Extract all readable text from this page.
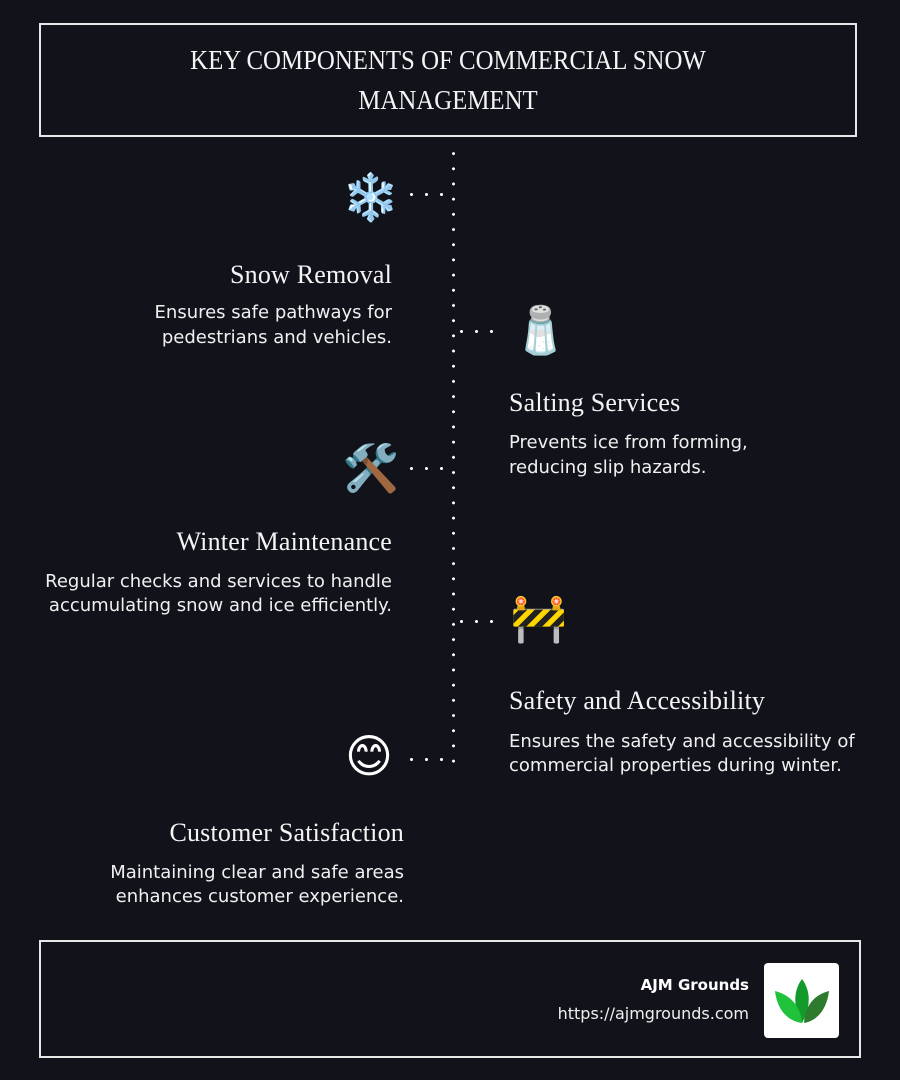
KEY COMPONENTS OF COMMERCIAL SNOW MANAGEMENT
❄️
Snow Removal
Ensures safe pathways for
pedestrians and vehicles.	🧂
Salting Services
Prevents ice from forming,
reducing slip hazards.
🛠️
Winter Maintenance
Regular checks and services to handle
accumulating snow and ice efficiently.	🚧
Safety and Accessibility
Ensures the safety and accessibility of
commercial properties during winter.
😊
Customer Satisfaction
Maintaining clear and safe areas
enhances customer experience.
AJM Grounds
https://ajmgrounds.com
